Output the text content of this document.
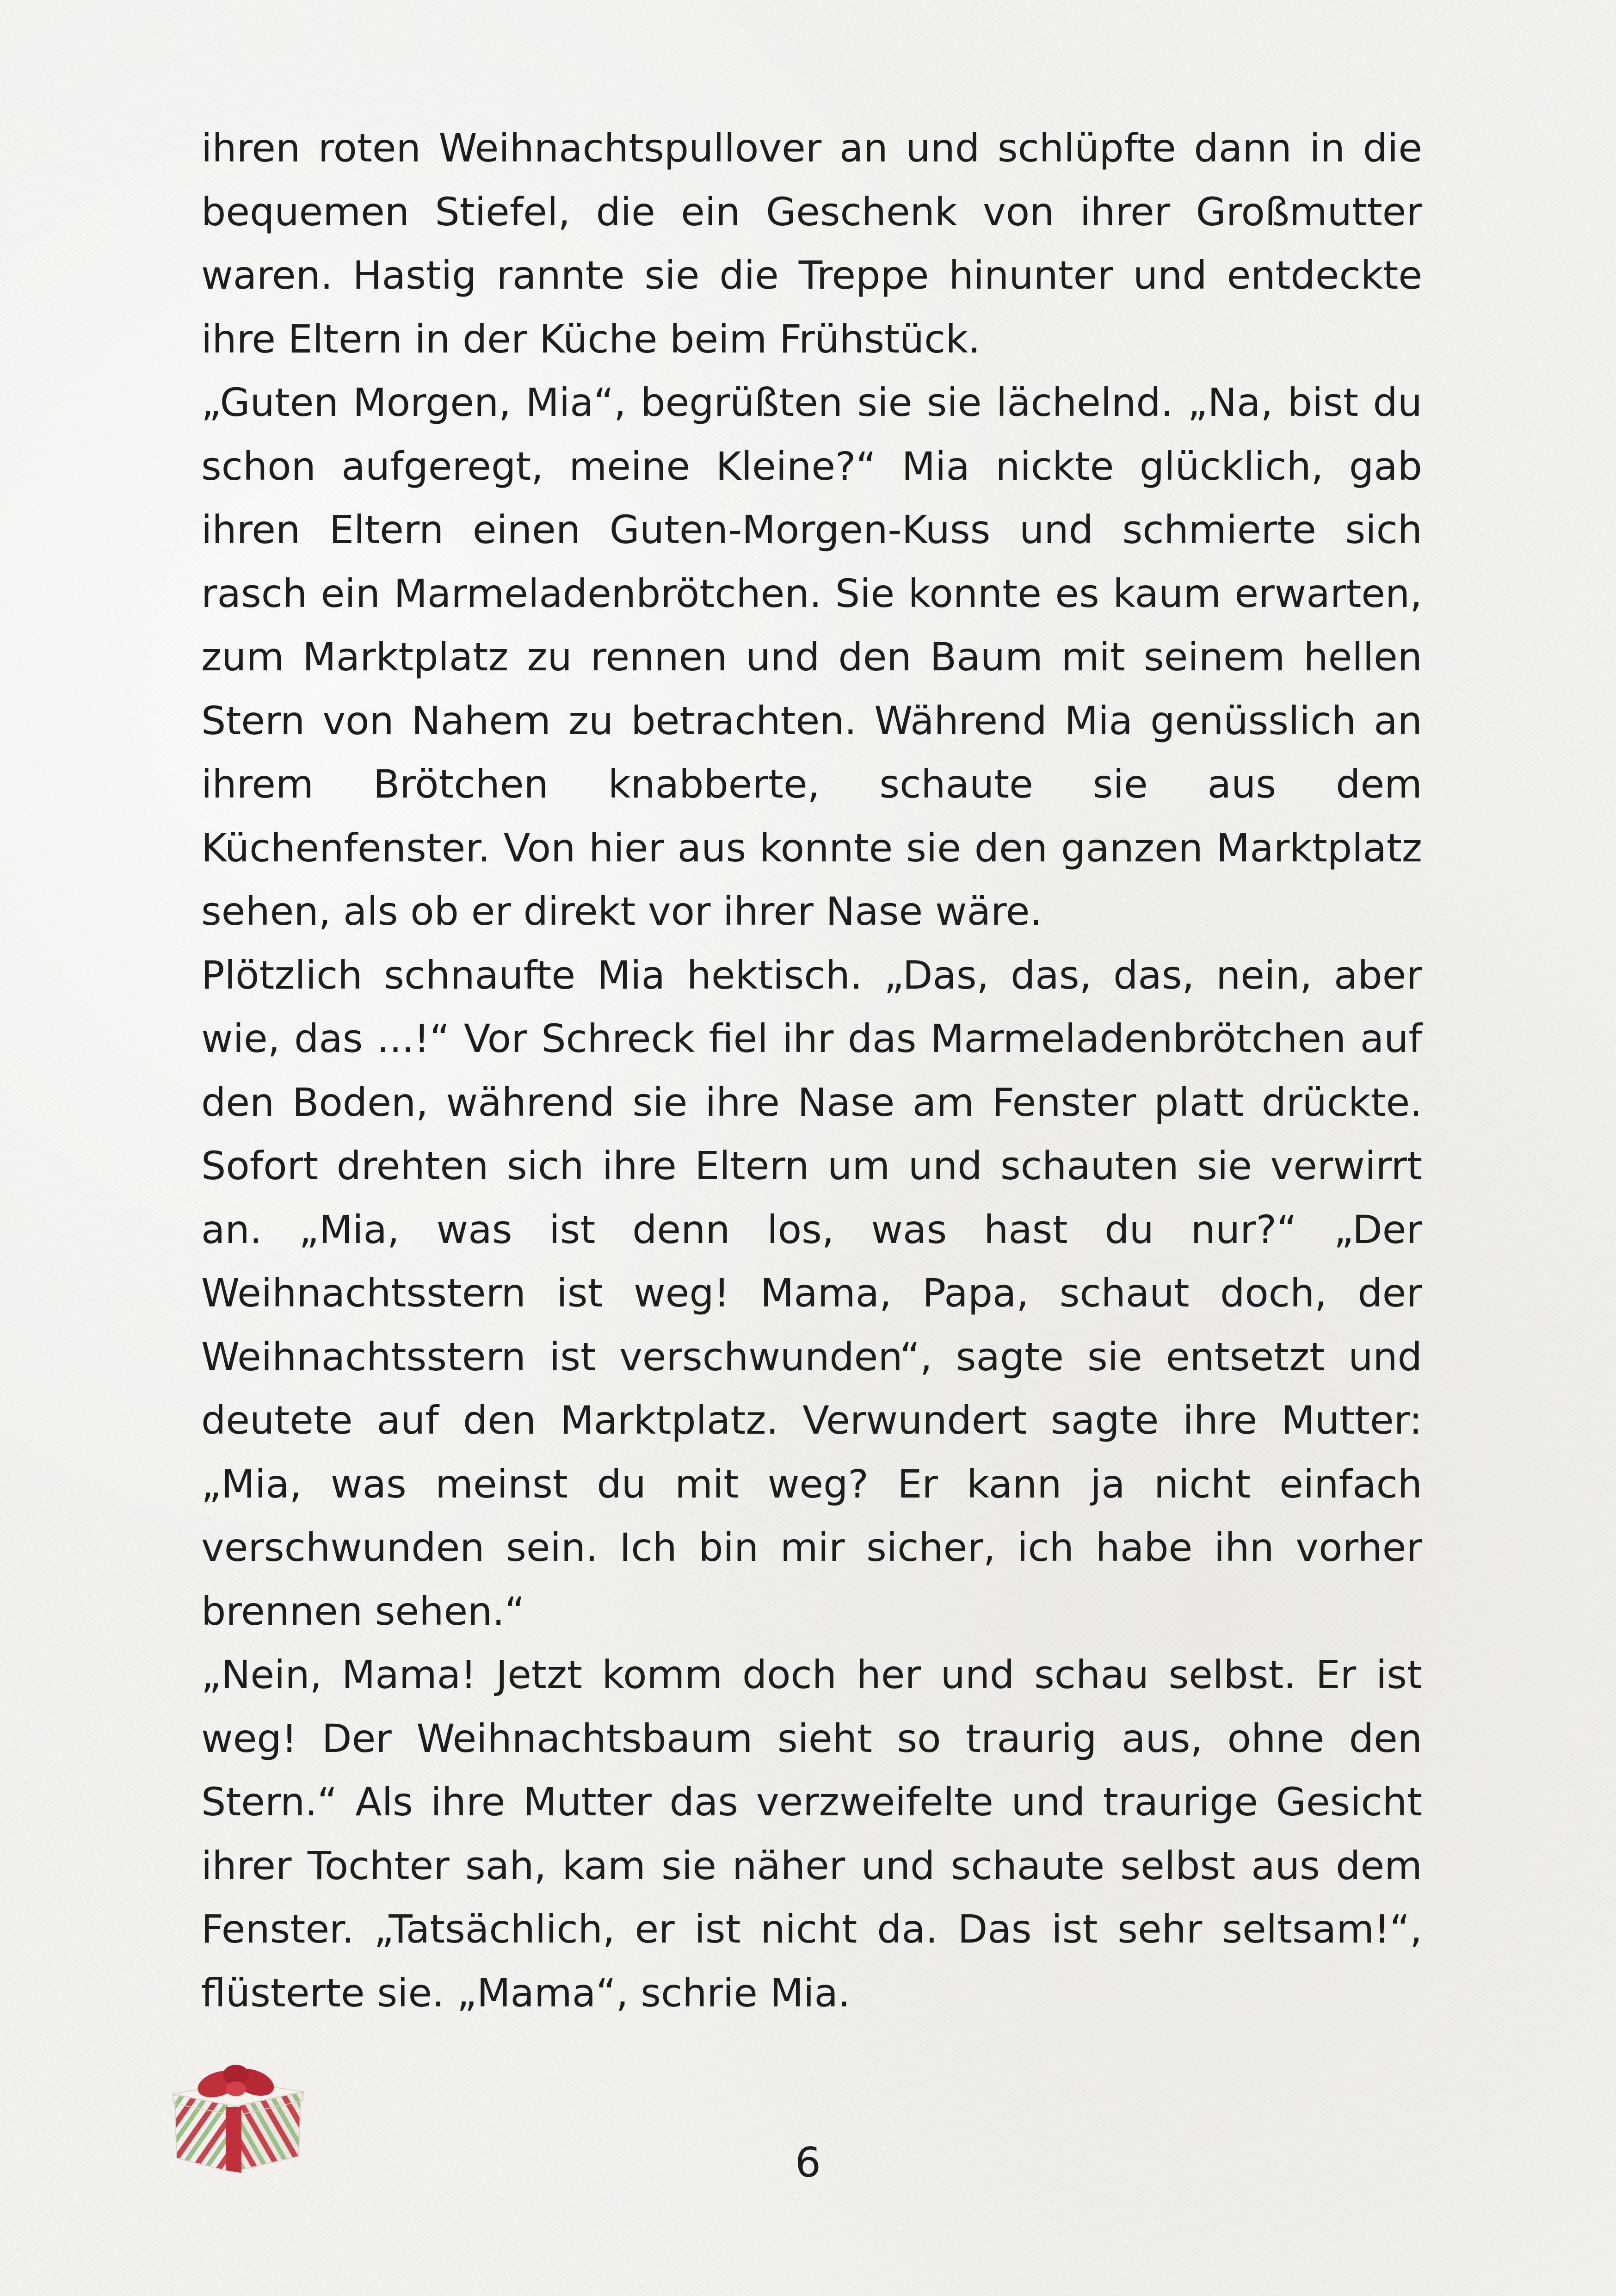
ihren roten Weihnachtspullover an und schlüpfte dann in die bequemen Stiefel, die ein Geschenk von ihrer Großmutter waren. Hastig rannte sie die Treppe hinunter und entdeckte ihre Eltern in der Küche beim Frühstück.

„Guten Morgen, Mia“, begrüßten sie sie lächelnd. „Na, bist du schon aufgeregt, meine Kleine?“ Mia nickte glücklich, gab ihren Eltern einen Guten-Morgen-Kuss und schmierte sich rasch ein Marmeladenbrötchen. Sie konnte es kaum erwarten, zum Marktplatz zu rennen und den Baum mit seinem hellen Stern von Nahem zu betrachten. Während Mia genüsslich an ihrem Brötchen knabberte, schaute sie aus dem Küchenfenster. Von hier aus konnte sie den ganzen Marktplatz sehen, als ob er direkt vor ihrer Nase wäre.

Plötzlich schnaufte Mia hektisch. „Das, das, das, nein, aber wie, das ...!“ Vor Schreck fiel ihr das Marmeladenbrötchen auf den Boden, während sie ihre Nase am Fenster platt drückte. Sofort drehten sich ihre Eltern um und schauten sie verwirrt an. „Mia, was ist denn los, was hast du nur?“ „Der Weihnachtsstern ist weg! Mama, Papa, schaut doch, der Weihnachtsstern ist verschwunden“, sagte sie entsetzt und deutete auf den Marktplatz. Verwundert sagte ihre Mutter: „Mia, was meinst du mit weg? Er kann ja nicht einfach verschwunden sein. Ich bin mir sicher, ich habe ihn vorher brennen sehen.“

„Nein, Mama! Jetzt komm doch her und schau selbst. Er ist weg! Der Weihnachtsbaum sieht so traurig aus, ohne den Stern.“ Als ihre Mutter das verzweifelte und traurige Gesicht ihrer Tochter sah, kam sie näher und schaute selbst aus dem Fenster. „Tatsächlich, er ist nicht da. Das ist sehr seltsam!“, flüsterte sie. „Mama“, schrie Mia.

6
